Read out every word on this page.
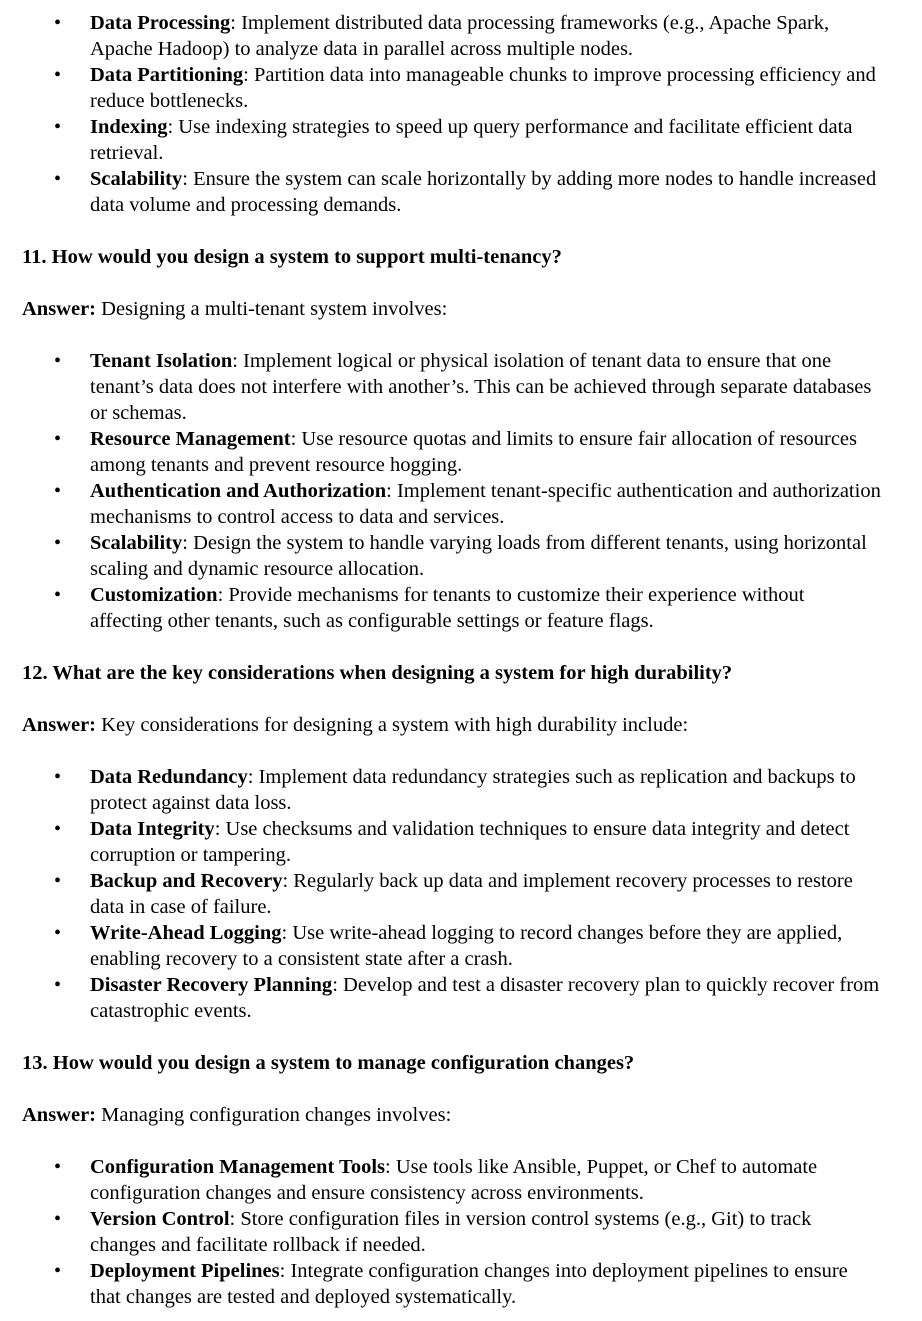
• Data Processing: Implement distributed data processing frameworks (e.g., Apache Spark, Apache Hadoop) to analyze data in parallel across multiple nodes.
• Data Partitioning: Partition data into manageable chunks to improve processing efficiency and reduce bottlenecks.
• Indexing: Use indexing strategies to speed up query performance and facilitate efficient data retrieval.
• Scalability: Ensure the system can scale horizontally by adding more nodes to handle increased data volume and processing demands.
11. How would you design a system to support multi-tenancy?
Answer: Designing a multi-tenant system involves:
• Tenant Isolation: Implement logical or physical isolation of tenant data to ensure that one tenant’s data does not interfere with another’s. This can be achieved through separate databases or schemas.
• Resource Management: Use resource quotas and limits to ensure fair allocation of resources among tenants and prevent resource hogging.
• Authentication and Authorization: Implement tenant-specific authentication and authorization mechanisms to control access to data and services.
• Scalability: Design the system to handle varying loads from different tenants, using horizontal scaling and dynamic resource allocation.
• Customization: Provide mechanisms for tenants to customize their experience without affecting other tenants, such as configurable settings or feature flags.
12. What are the key considerations when designing a system for high durability?
Answer: Key considerations for designing a system with high durability include:
• Data Redundancy: Implement data redundancy strategies such as replication and backups to protect against data loss.
• Data Integrity: Use checksums and validation techniques to ensure data integrity and detect corruption or tampering.
• Backup and Recovery: Regularly back up data and implement recovery processes to restore data in case of failure.
• Write-Ahead Logging: Use write-ahead logging to record changes before they are applied, enabling recovery to a consistent state after a crash.
• Disaster Recovery Planning: Develop and test a disaster recovery plan to quickly recover from catastrophic events.
13. How would you design a system to manage configuration changes?
Answer: Managing configuration changes involves:
• Configuration Management Tools: Use tools like Ansible, Puppet, or Chef to automate configuration changes and ensure consistency across environments.
• Version Control: Store configuration files in version control systems (e.g., Git) to track changes and facilitate rollback if needed.
• Deployment Pipelines: Integrate configuration changes into deployment pipelines to ensure that changes are tested and deployed systematically.
